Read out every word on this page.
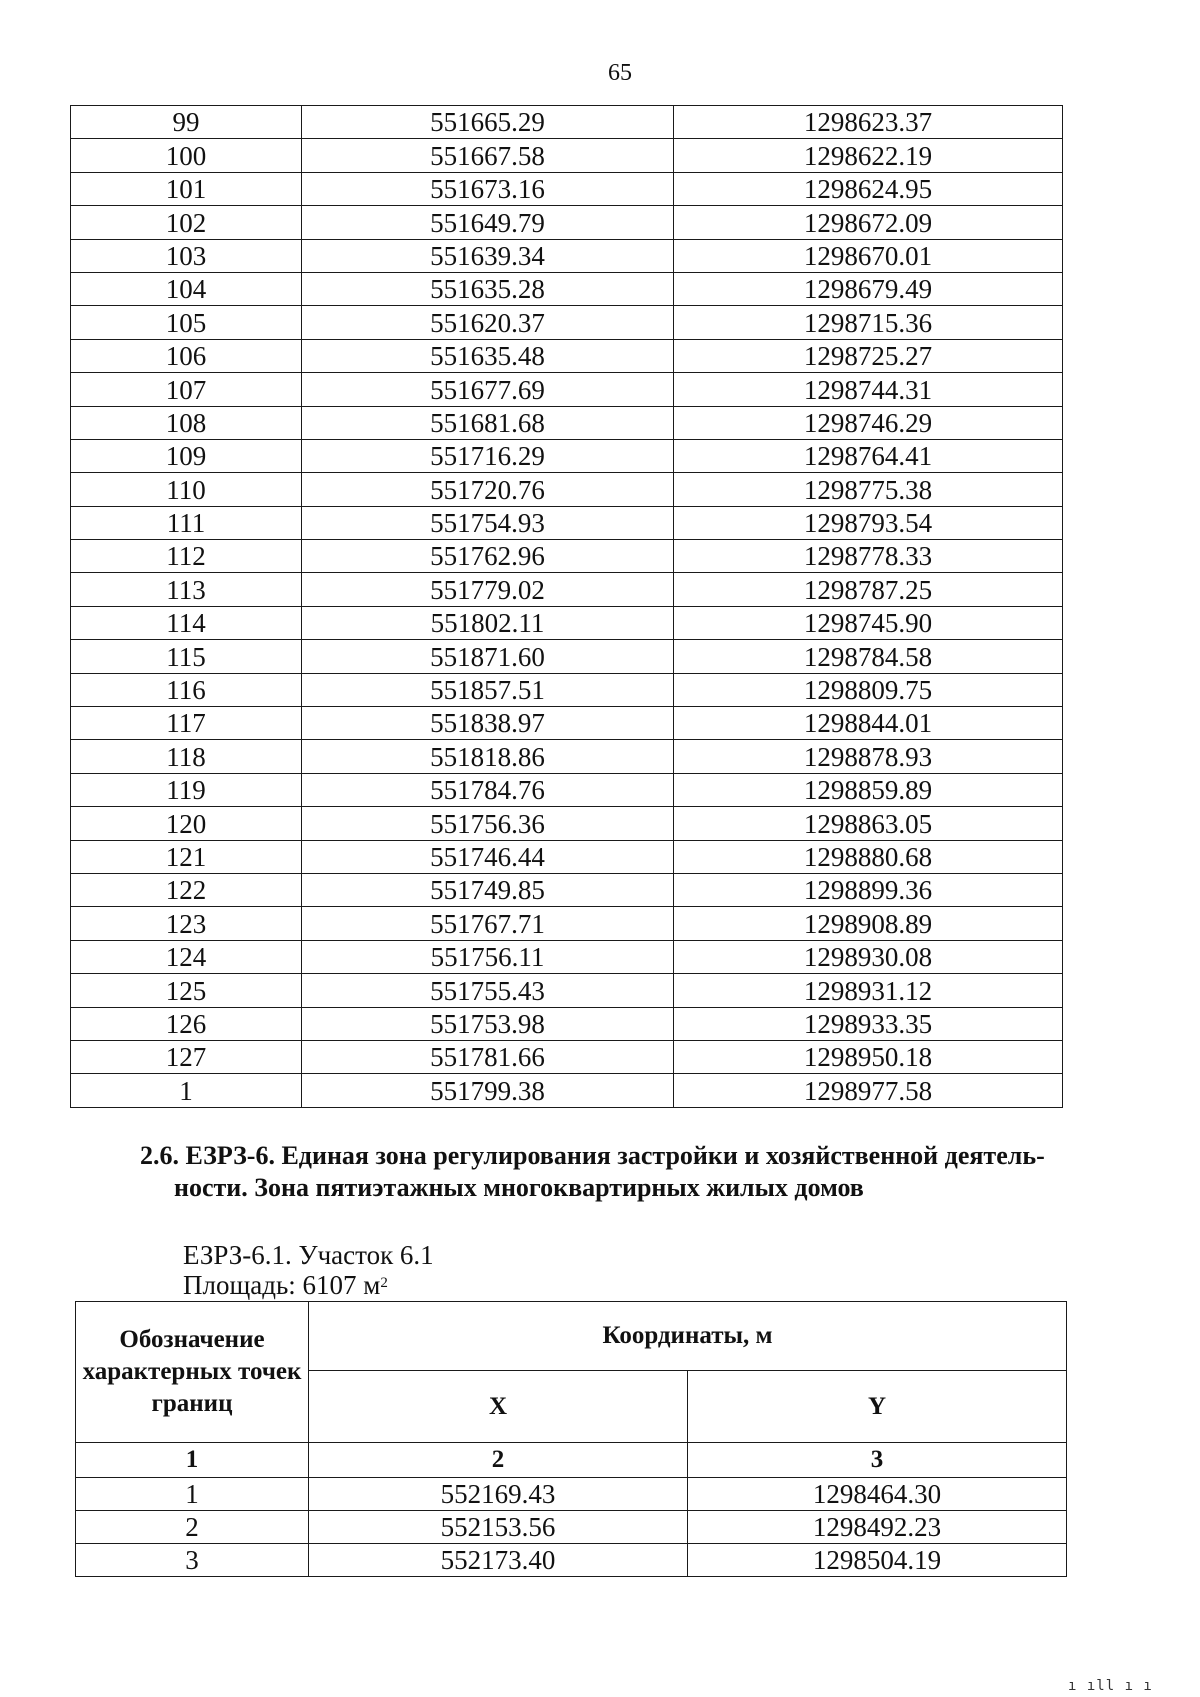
65
99	551665.29	1298623.37
100	551667.58	1298622.19
101	551673.16	1298624.95
102	551649.79	1298672.09
103	551639.34	1298670.01
104	551635.28	1298679.49
105	551620.37	1298715.36
106	551635.48	1298725.27
107	551677.69	1298744.31
108	551681.68	1298746.29
109	551716.29	1298764.41
110	551720.76	1298775.38
111	551754.93	1298793.54
112	551762.96	1298778.33
113	551779.02	1298787.25
114	551802.11	1298745.90
115	551871.60	1298784.58
116	551857.51	1298809.75
117	551838.97	1298844.01
118	551818.86	1298878.93
119	551784.76	1298859.89
120	551756.36	1298863.05
121	551746.44	1298880.68
122	551749.85	1298899.36
123	551767.71	1298908.89
124	551756.11	1298930.08
125	551755.43	1298931.12
126	551753.98	1298933.35
127	551781.66	1298950.18
1	551799.38	1298977.58
2.6. ЕЗРЗ-6. Единая зона регулирования застройки и хозяйственной деятель-
ности. Зона пятиэтажных многоквартирных жилых домов
ЕЗРЗ-6.1. Участок 6.1
Площадь: 6107 $м^2$
Обозначение характерных точек границ	Координаты, м	
	X	Y
1	2	3
1	552169.43	1298464.30
2	552153.56	1298492.23
3	552173.40	1298504.19
ı ıll ı ı
